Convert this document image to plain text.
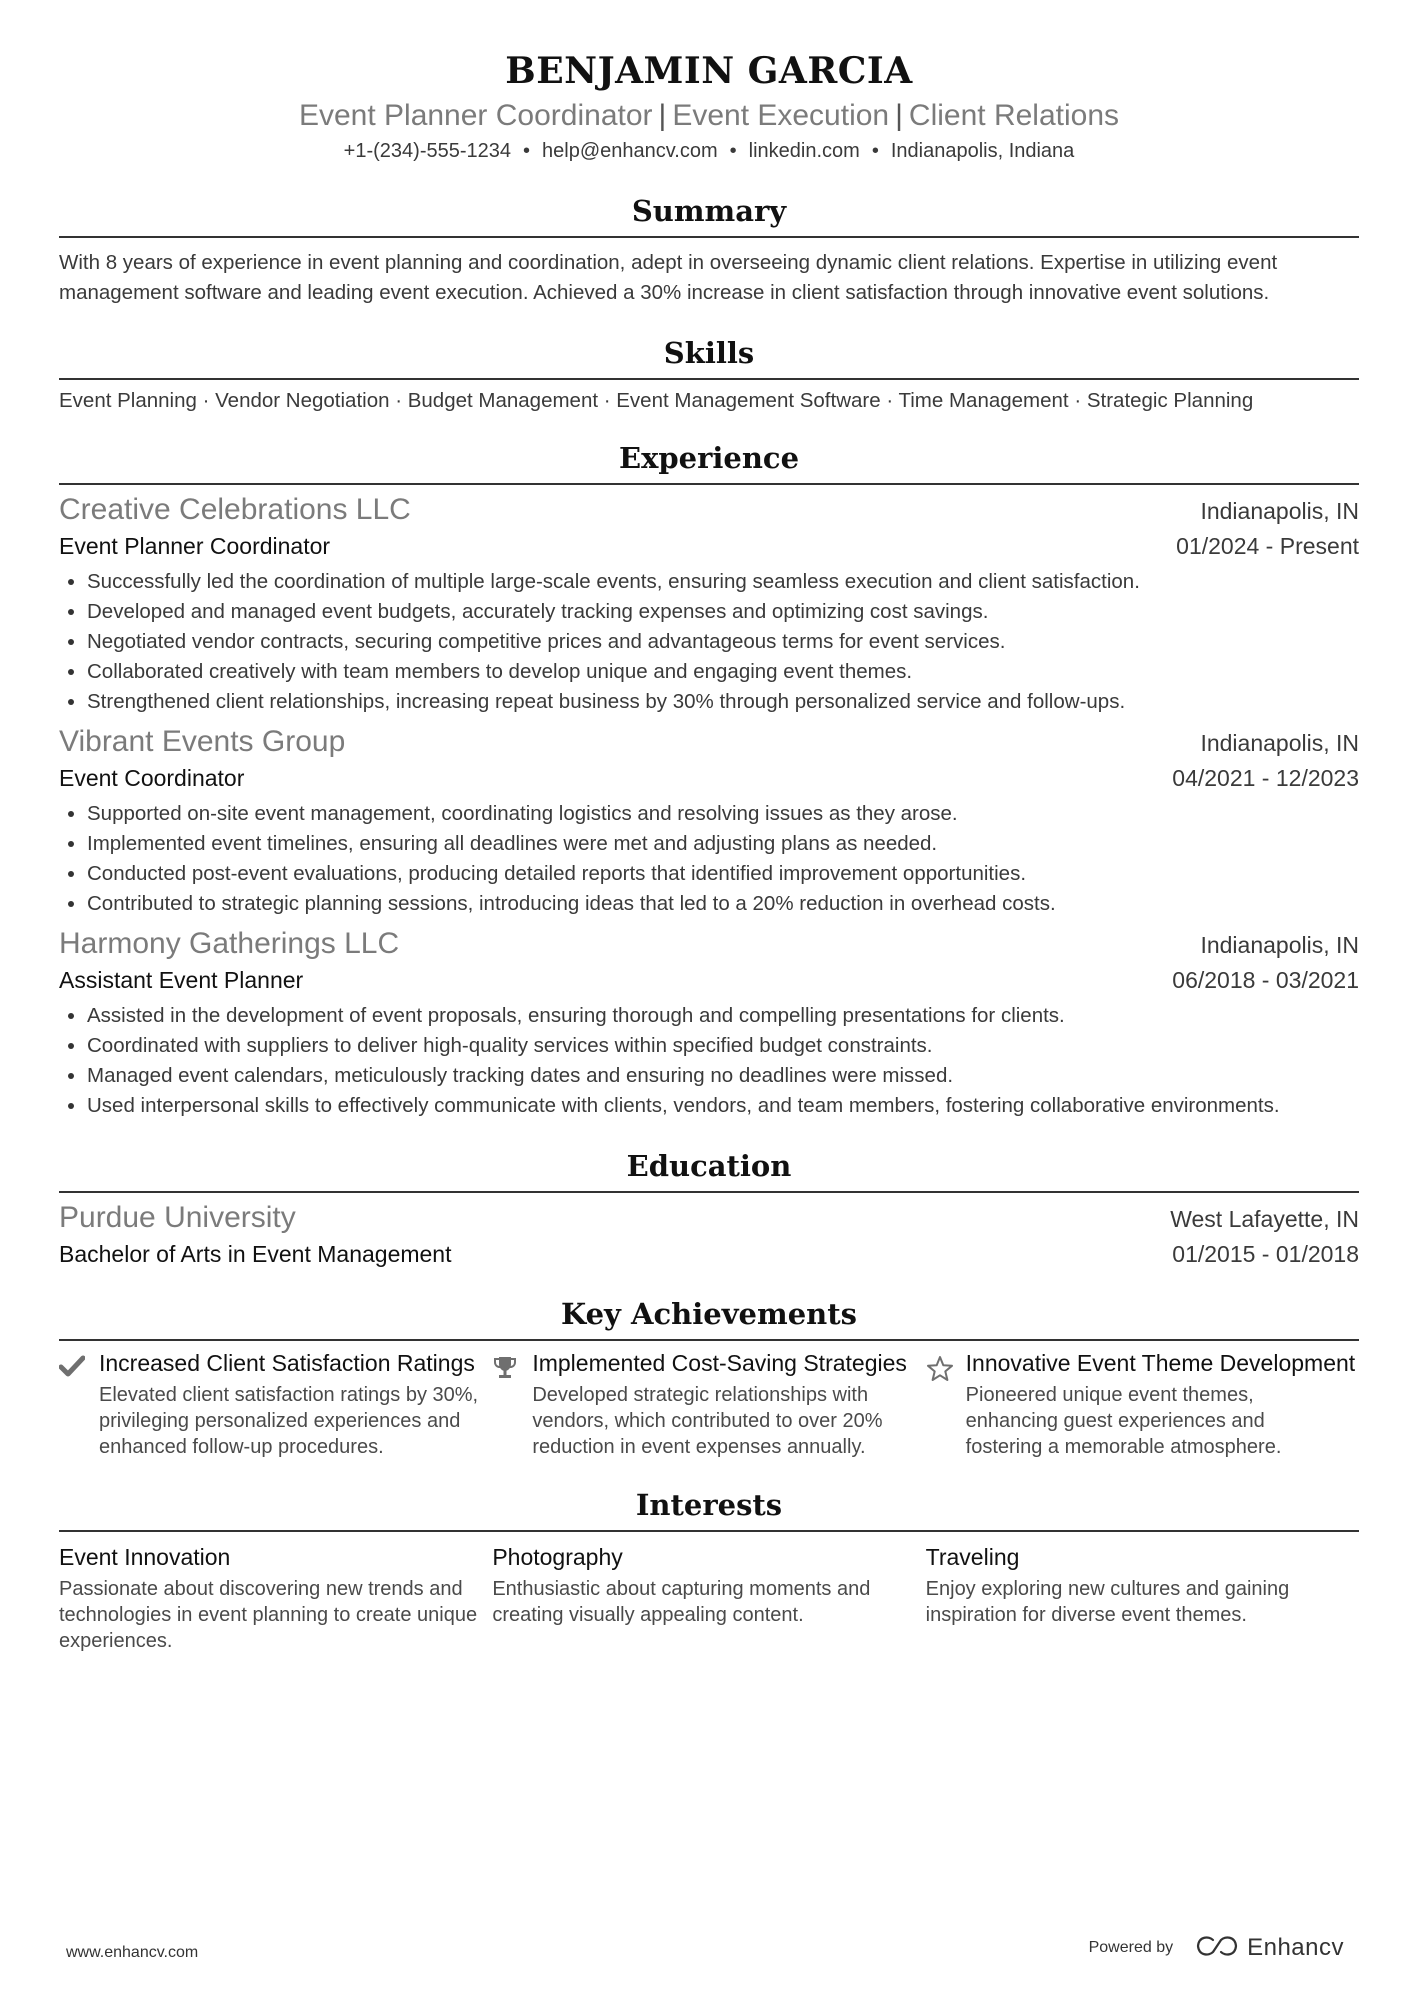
BENJAMIN GARCIA
Event Planner Coordinator | Event Execution | Client Relations
+1-(234)-555-1234 • help@enhancv.com • linkedin.com • Indianapolis, Indiana
Summary
With 8 years of experience in event planning and coordination, adept in overseeing dynamic client relations. Expertise in utilizing event management software and leading event execution. Achieved a 30% increase in client satisfaction through innovative event solutions.
Skills
Event Planning · Vendor Negotiation · Budget Management · Event Management Software · Time Management · Strategic Planning
Experience
Creative Celebrations LLC	Indianapolis, IN
Event Planner Coordinator	01/2024 - Present
• Successfully led the coordination of multiple large-scale events, ensuring seamless execution and client satisfaction.
• Developed and managed event budgets, accurately tracking expenses and optimizing cost savings.
• Negotiated vendor contracts, securing competitive prices and advantageous terms for event services.
• Collaborated creatively with team members to develop unique and engaging event themes.
• Strengthened client relationships, increasing repeat business by 30% through personalized service and follow-ups.
Vibrant Events Group	Indianapolis, IN
Event Coordinator	04/2021 - 12/2023
• Supported on-site event management, coordinating logistics and resolving issues as they arose.
• Implemented event timelines, ensuring all deadlines were met and adjusting plans as needed.
• Conducted post-event evaluations, producing detailed reports that identified improvement opportunities.
• Contributed to strategic planning sessions, introducing ideas that led to a 20% reduction in overhead costs.
Harmony Gatherings LLC	Indianapolis, IN
Assistant Event Planner	06/2018 - 03/2021
• Assisted in the development of event proposals, ensuring thorough and compelling presentations for clients.
• Coordinated with suppliers to deliver high-quality services within specified budget constraints.
• Managed event calendars, meticulously tracking dates and ensuring no deadlines were missed.
• Used interpersonal skills to effectively communicate with clients, vendors, and team members, fostering collaborative environments.
Education
Purdue University	West Lafayette, IN
Bachelor of Arts in Event Management	01/2015 - 01/2018
Key Achievements
Increased Client Satisfaction Ratings
Elevated client satisfaction ratings by 30%, privileging personalized experiences and enhanced follow-up procedures.
Implemented Cost-Saving Strategies
Developed strategic relationships with vendors, which contributed to over 20% reduction in event expenses annually.
Innovative Event Theme Development
Pioneered unique event themes, enhancing guest experiences and fostering a memorable atmosphere.
Interests
Event Innovation
Passionate about discovering new trends and technologies in event planning to create unique experiences.
Photography
Enthusiastic about capturing moments and creating visually appealing content.
Traveling
Enjoy exploring new cultures and gaining inspiration for diverse event themes.
www.enhancv.com	Powered by	Enhancv
